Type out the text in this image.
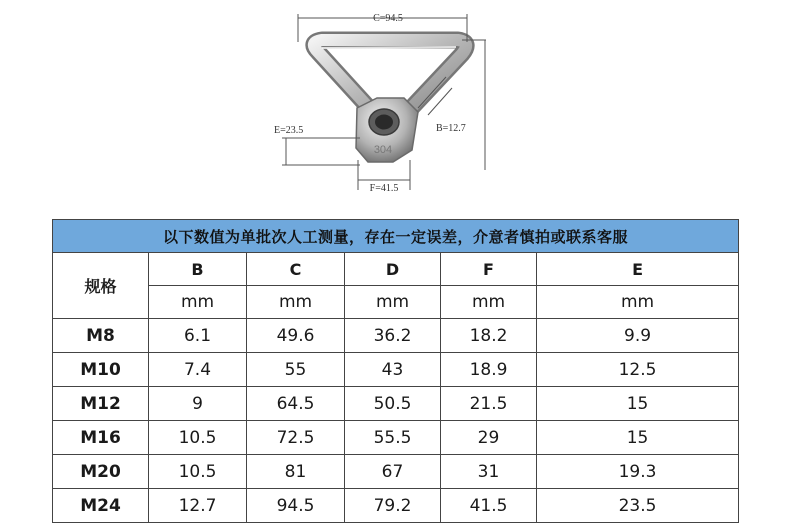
304
C=94.5
B=12.7
E=23.5
F=41.5
以下数值为单批次人工测量，存在一定误差，介意者慎拍或联系客服					
规格	B	C	D	F	E
	mm	mm	mm	mm	mm
M8	6.1	49.6	36.2	18.2	9.9
M10	7.4	55	43	18.9	12.5
M12	9	64.5	50.5	21.5	15
M16	10.5	72.5	55.5	29	15
M20	10.5	81	67	31	19.3
M24	12.7	94.5	79.2	41.5	23.5
